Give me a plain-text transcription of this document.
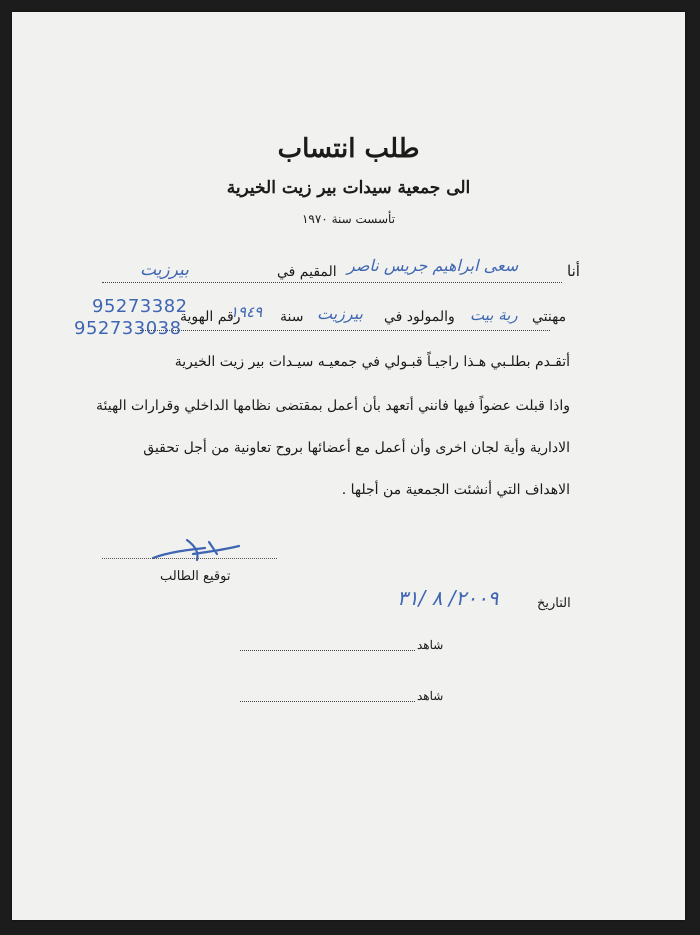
طلب انتساب
الى جمعية سيدات بير زيت الخيرية
تأسست سنة ١٩٧٠
أنا
سعى ابراهيم جريس ناصر
المقيم في
بيرزيت
مهنتي
ربة بيت
والمولود في
بيرزيت
سنة
١٩٤٩
رقم الهوية
95273382
952733038
أتقـدم بطلـبي هـذا راجيـاً قبـولي في جمعيـه سيـدات بير زيت الخيرية
واذا قبلت عضواً فيها فانني أتعهد بأن أعمل بمقتضى نظامها الداخلي وقرارات الهيئة
الادارية وأية لجان اخرى وأن أعمل مع أعضائها بروح تعاونية من أجل تحقيق
الاهداف التي أنشئت الجمعية من أجلها .
توقيع الطالب
التاريخ
٢٠٠٩/ ٨ /٣١
شاهد
شاهد
